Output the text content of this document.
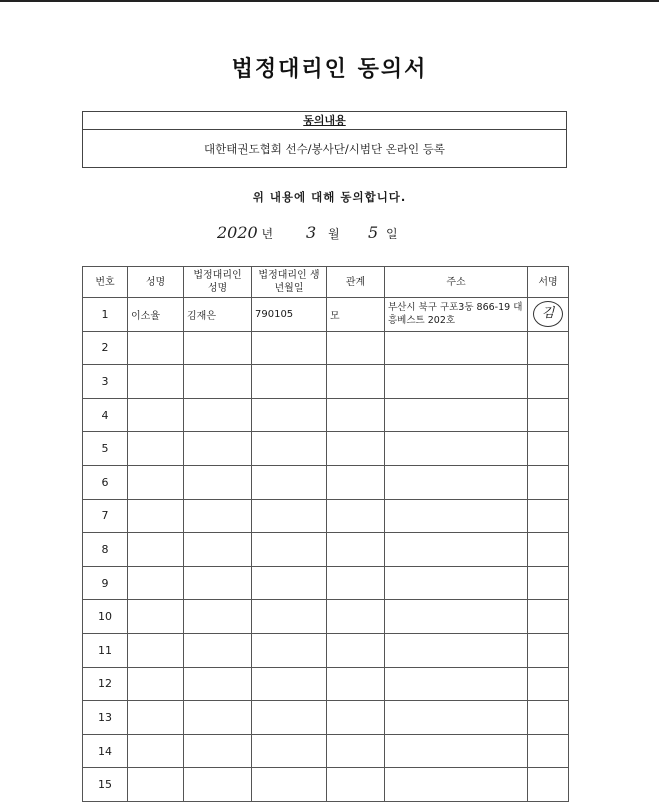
법정대리인 동의서
동의내용
대한태권도협회 선수/봉사단/시범단 온라인 등록
위 내용에 대해 동의합니다.
2020 년 3 월 5 일
번호	성명	법정대리인 성명	법정대리인 생년월일	관계	주소	서명
1	이소율	김재은	790105	모	부산시 북구 구포3동 866-19 대흥베스트 202호	김
2						
3						
4						
5						
6						
7						
8						
9						
10						
11						
12						
13						
14						
15						
